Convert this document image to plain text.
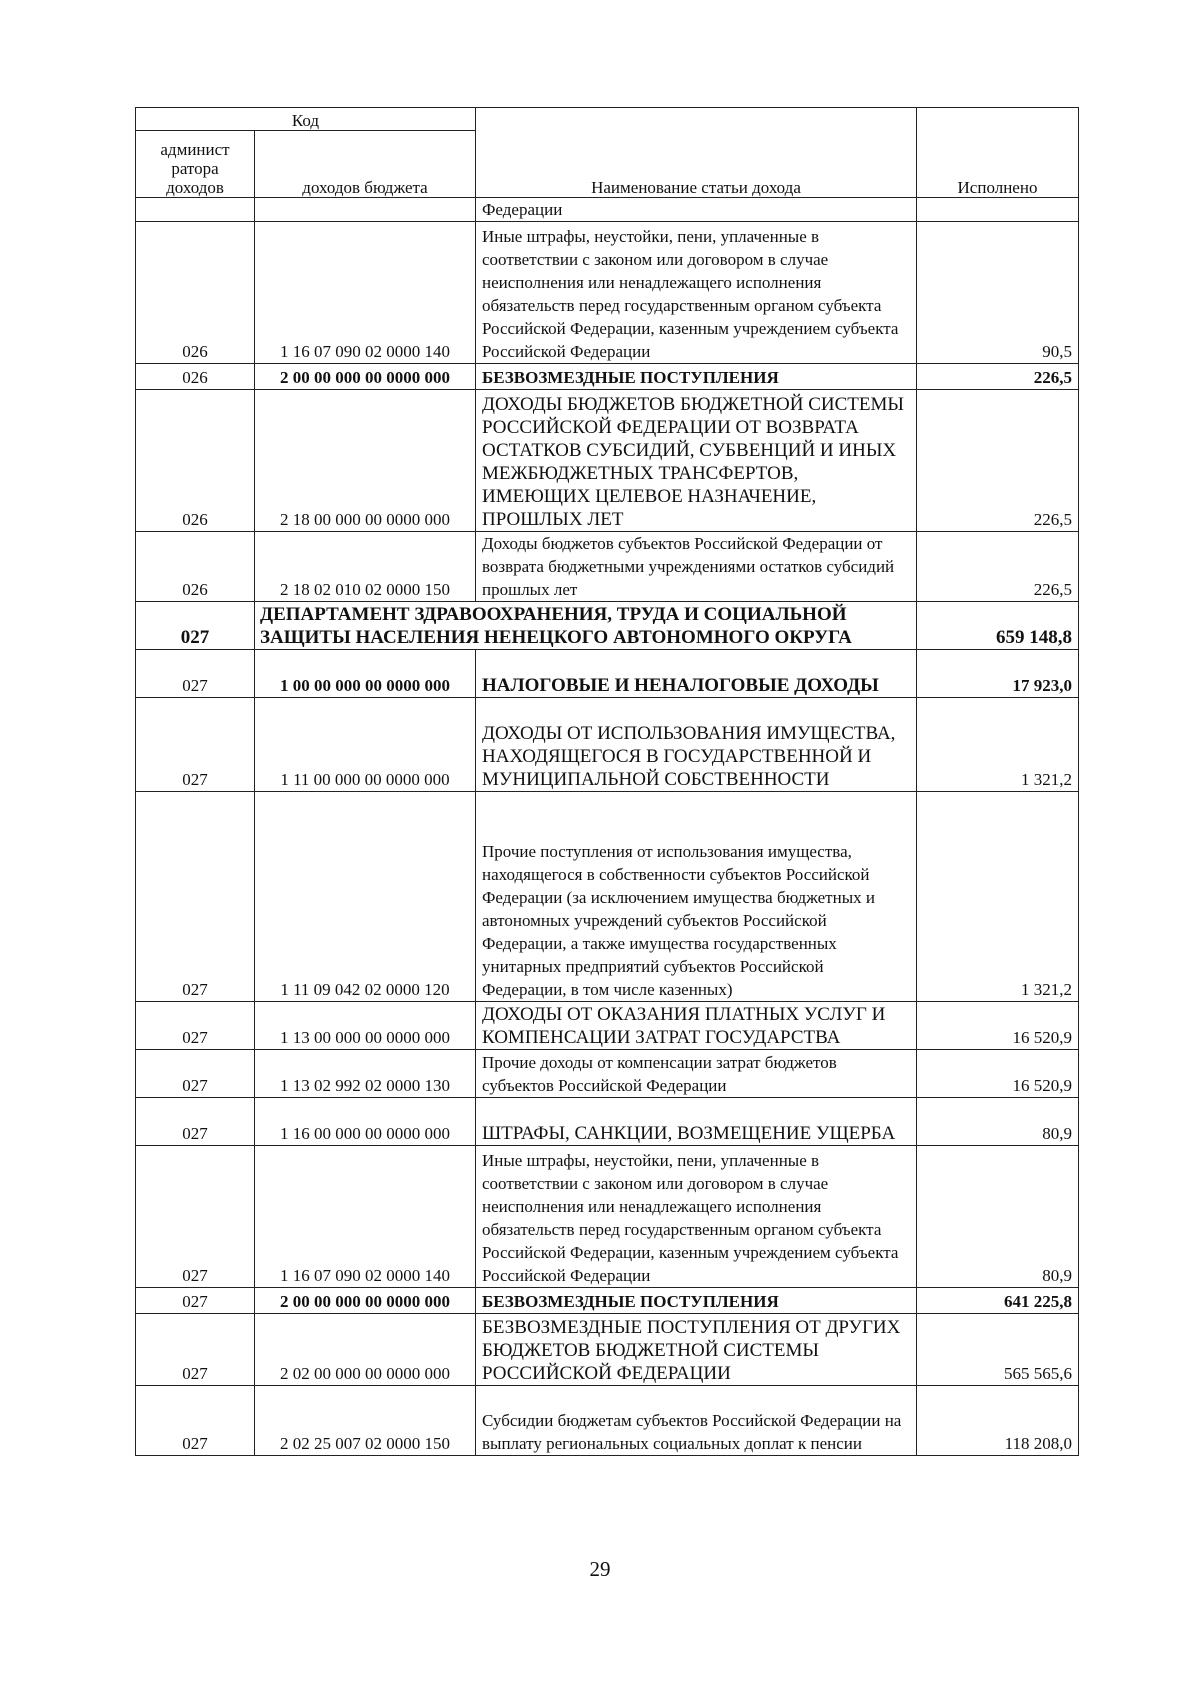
Код		Наименование статьи дохода	Исполнено
админист ратора доходов	доходов бюджета		
		Федерации	
026	1 16 07 090 02 0000 140	Иные штрафы, неустойки, пени, уплаченные в соответствии с законом или договором в случае неисполнения или ненадлежащего исполнения обязательств перед государственным органом субъекта Российской Федерации, казенным учреждением субъекта Российской Федерации	90,5
026	2 00 00 000 00 0000 000	БЕЗВОЗМЕЗДНЫЕ ПОСТУПЛЕНИЯ	226,5
026	2 18 00 000 00 0000 000	ДОХОДЫ БЮДЖЕТОВ БЮДЖЕТНОЙ СИСТЕМЫ РОССИЙСКОЙ ФЕДЕРАЦИИ ОТ ВОЗВРАТА ОСТАТКОВ СУБСИДИЙ, СУБВЕНЦИЙ И ИНЫХ МЕЖБЮДЖЕТНЫХ ТРАНСФЕРТОВ, ИМЕЮЩИХ ЦЕЛЕВОЕ НАЗНАЧЕНИЕ, ПРОШЛЫХ ЛЕТ	226,5
026	2 18 02 010 02 0000 150	Доходы бюджетов субъектов Российской Федерации от возврата бюджетными учреждениями остатков субсидий прошлых лет	226,5
027	ДЕПАРТАМЕНТ ЗДРАВООХРАНЕНИЯ, ТРУДА И СОЦИАЛЬНОЙ ЗАЩИТЫ НАСЕЛЕНИЯ НЕНЕЦКОГО АВТОНОМНОГО ОКРУГА		659 148,8
027	1 00 00 000 00 0000 000	НАЛОГОВЫЕ И НЕНАЛОГОВЫЕ ДОХОДЫ	17 923,0
027	1 11 00 000 00 0000 000	ДОХОДЫ ОТ ИСПОЛЬЗОВАНИЯ ИМУЩЕСТВА, НАХОДЯЩЕГОСЯ В ГОСУДАРСТВЕННОЙ И МУНИЦИПАЛЬНОЙ СОБСТВЕННОСТИ	1 321,2
027	1 11 09 042 02 0000 120	Прочие поступления от использования имущества, находящегося в собственности субъектов Российской Федерации (за исключением имущества бюджетных и автономных учреждений субъектов Российской Федерации, а также имущества государственных унитарных предприятий субъектов Российской Федерации, в том числе казенных)	1 321,2
027	1 13 00 000 00 0000 000	ДОХОДЫ ОТ ОКАЗАНИЯ ПЛАТНЫХ УСЛУГ И КОМПЕНСАЦИИ ЗАТРАТ ГОСУДАРСТВА	16 520,9
027	1 13 02 992 02 0000 130	Прочие доходы от компенсации затрат бюджетов субъектов Российской Федерации	16 520,9
027	1 16 00 000 00 0000 000	ШТРАФЫ, САНКЦИИ, ВОЗМЕЩЕНИЕ УЩЕРБА	80,9
027	1 16 07 090 02 0000 140	Иные штрафы, неустойки, пени, уплаченные в соответствии с законом или договором в случае неисполнения или ненадлежащего исполнения обязательств перед государственным органом субъекта Российской Федерации, казенным учреждением субъекта Российской Федерации	80,9
027	2 00 00 000 00 0000 000	БЕЗВОЗМЕЗДНЫЕ ПОСТУПЛЕНИЯ	641 225,8
027	2 02 00 000 00 0000 000	БЕЗВОЗМЕЗДНЫЕ ПОСТУПЛЕНИЯ ОТ ДРУГИХ БЮДЖЕТОВ БЮДЖЕТНОЙ СИСТЕМЫ РОССИЙСКОЙ ФЕДЕРАЦИИ	565 565,6
027	2 02 25 007 02 0000 150	Субсидии бюджетам субъектов Российской Федерации на выплату региональных социальных доплат к пенсии	118 208,0
29
